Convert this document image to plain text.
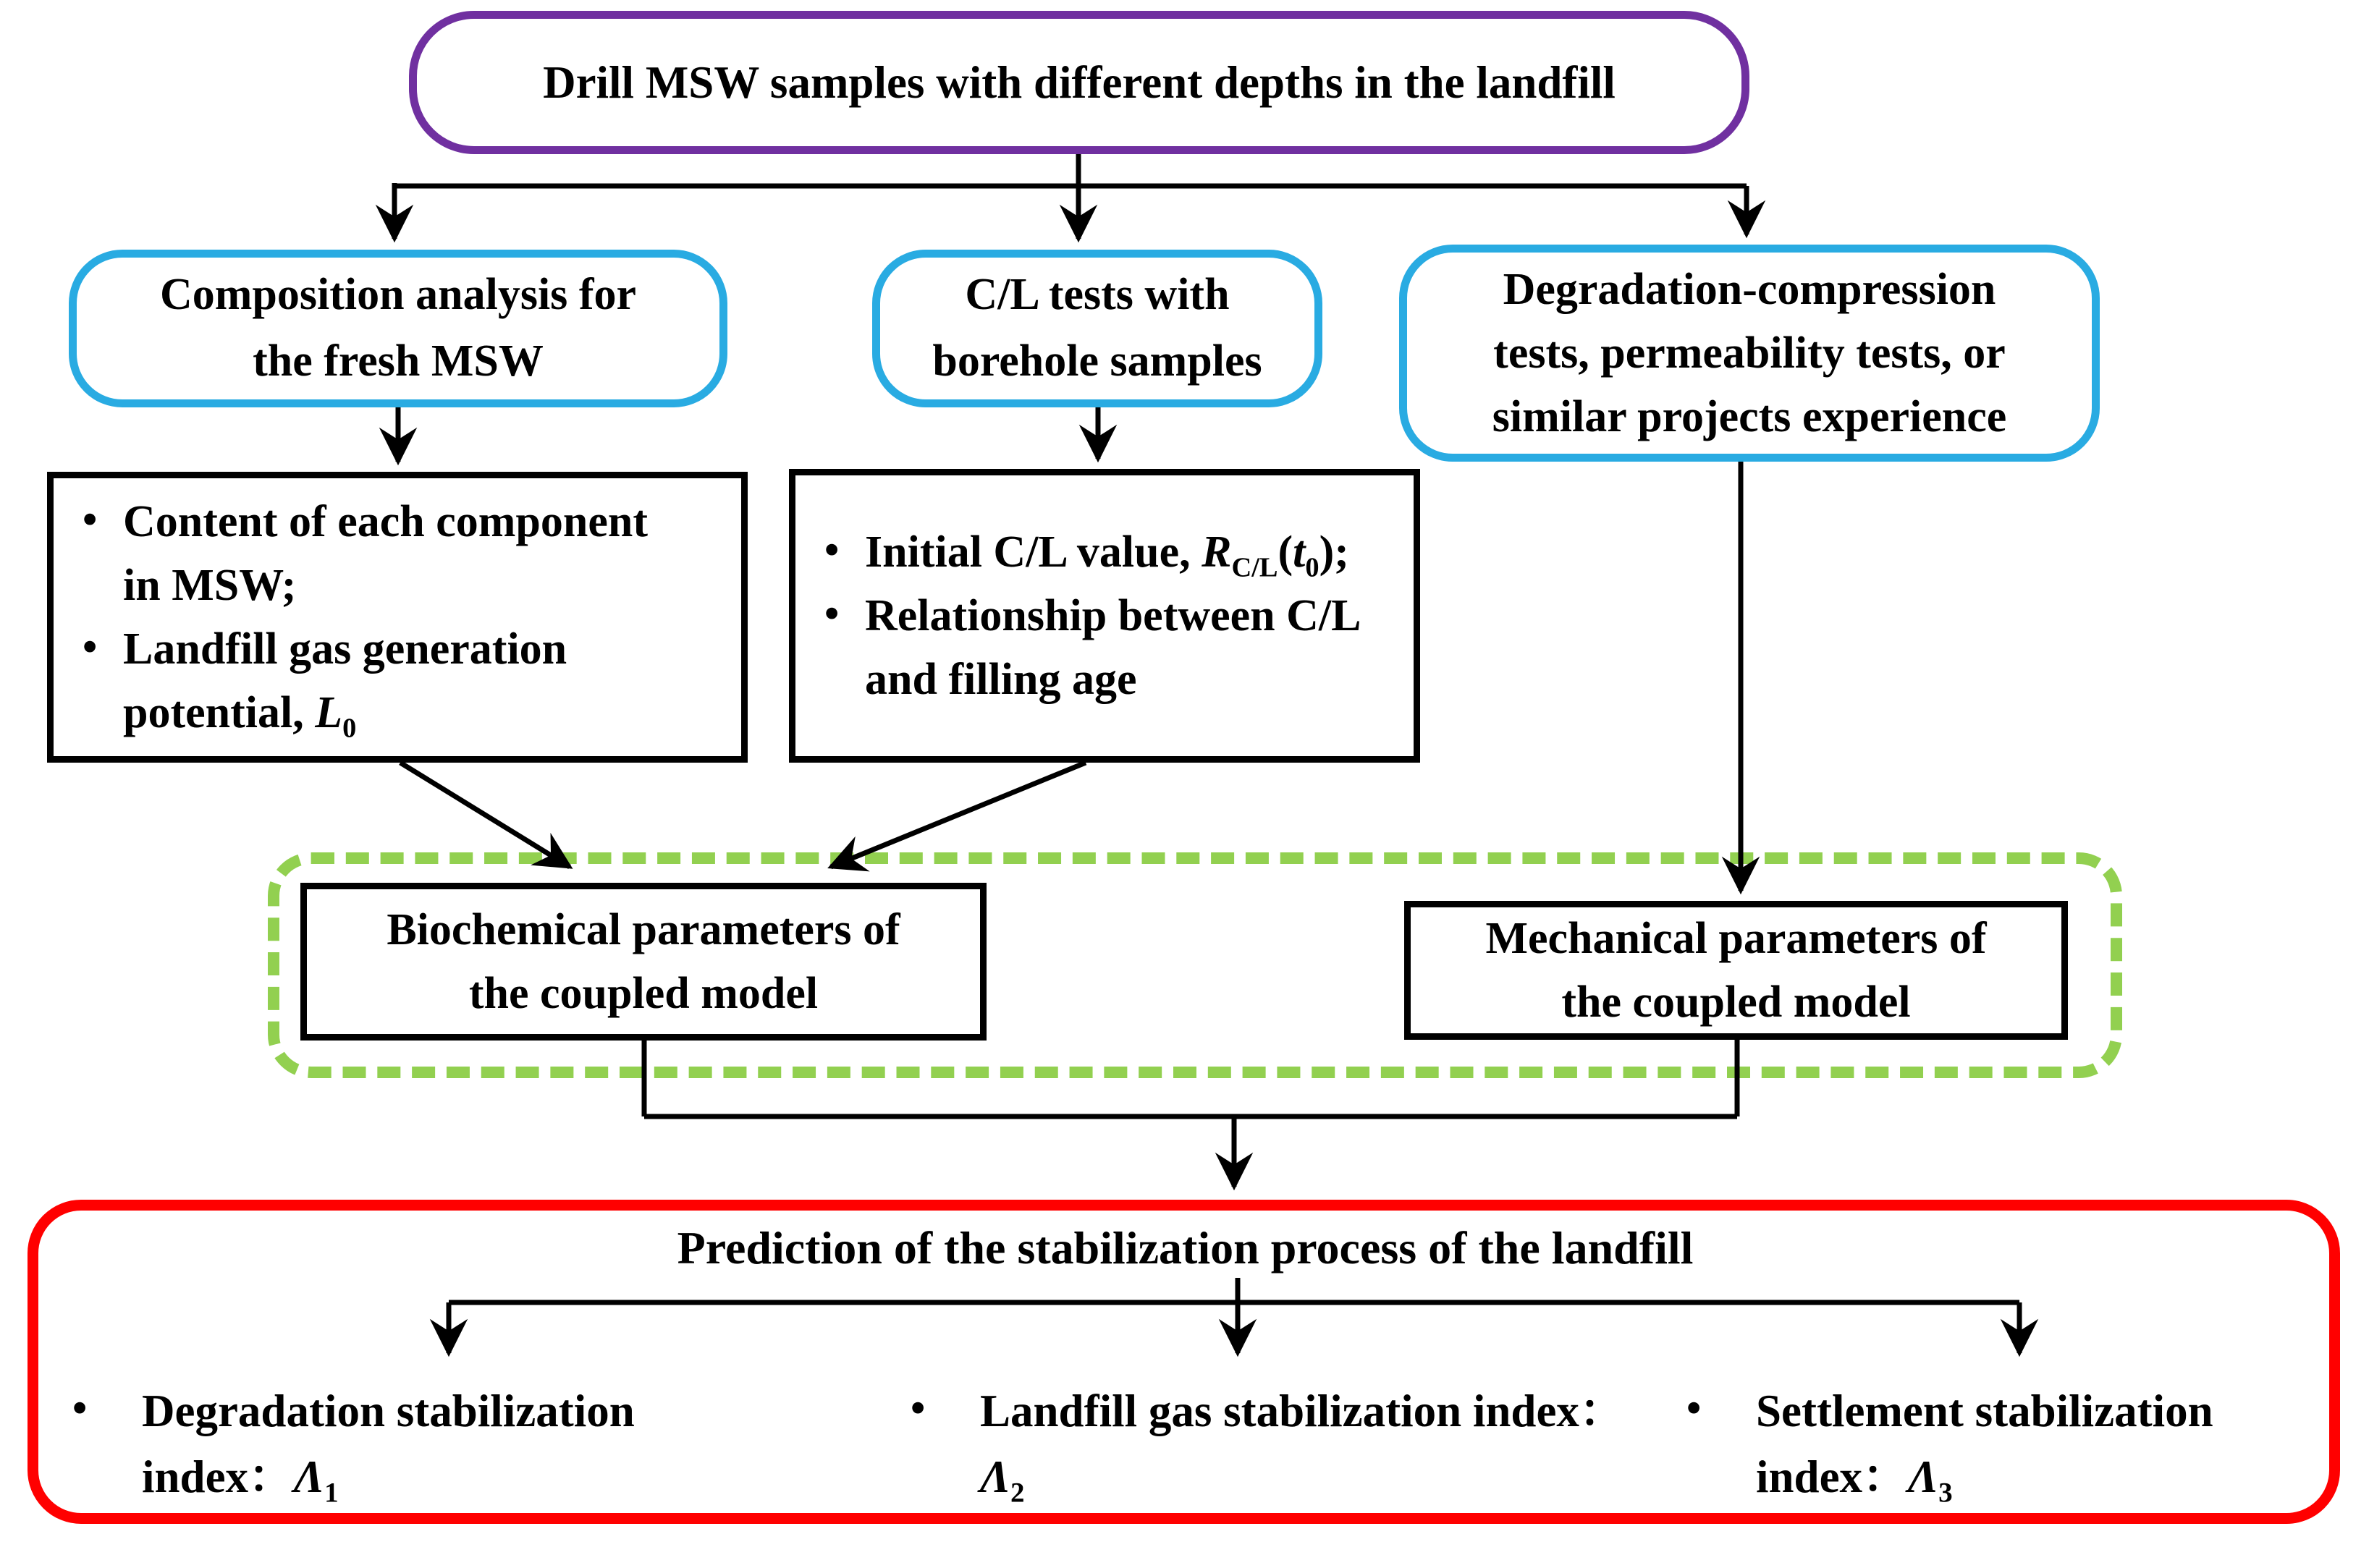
Drill MSW samples with different depths in the landfill
Composition analysis for
the fresh MSW
C/L tests with
borehole samples
Degradation-compression
tests, permeability tests, or
similar projects experience
• Content of each component in MSW;
• Landfill gas generation potential, $L_0$
• Initial C/L value, $R_{C/L}(t_0)$;
• Relationship between C/L and filling age
Biochemical parameters of
the coupled model
Mechanical parameters of
the coupled model
Prediction of the stabilization process of the landfill
•	Degradation stabilization index：$\Lambda_1$
•	Landfill gas stabilization index：$\Lambda_2$
•	Settlement stabilization index：$\Lambda_3$
